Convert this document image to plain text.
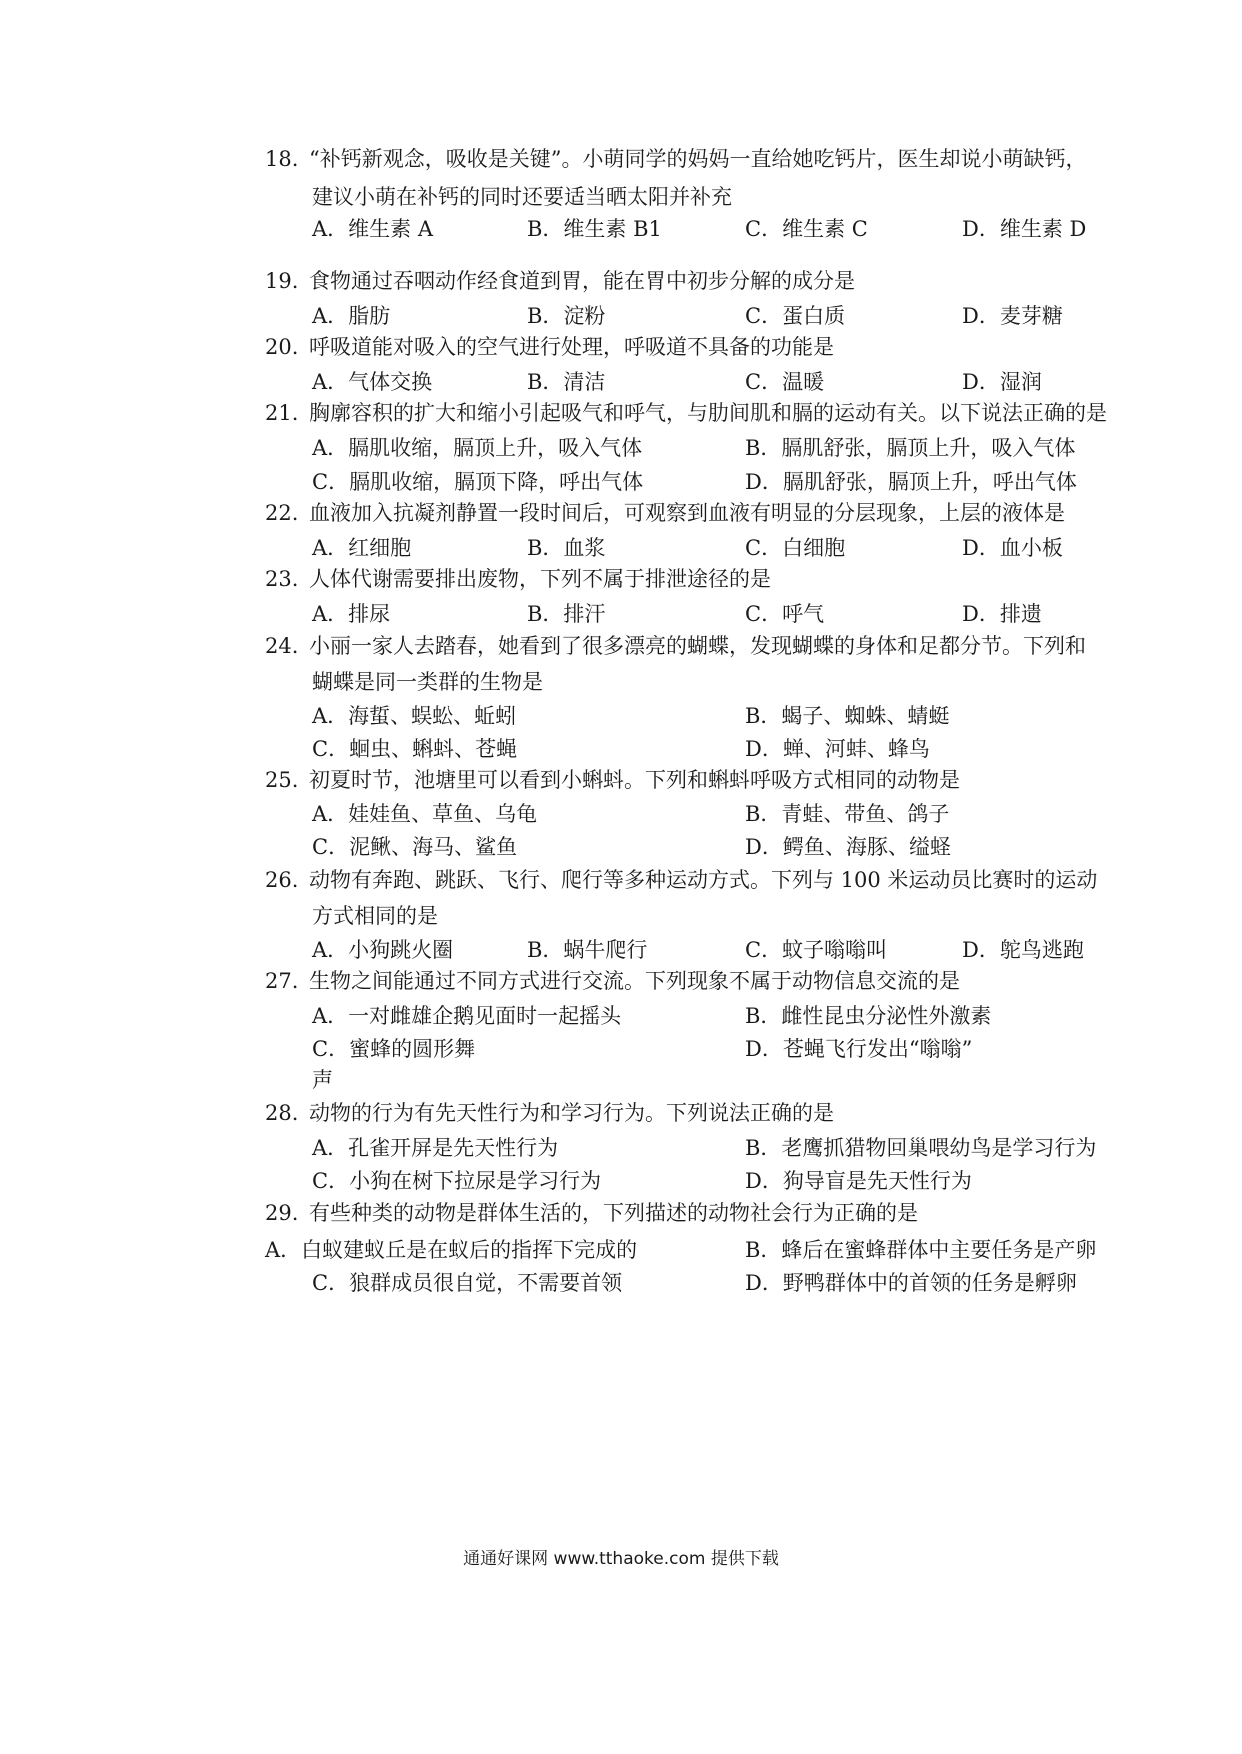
18. “补钙新观念，吸收是关键”。小萌同学的妈妈一直给她吃钙片，医生却说小萌缺钙，
建议小萌在补钙的同时还要适当晒太阳并补充
A．维生素 A	B．维生素 B1	C．维生素 C	D．维生素 D
19. 食物通过吞咽动作经食道到胃，能在胃中初步分解的成分是
A．脂肪	B．淀粉	C．蛋白质	D．麦芽糖
20. 呼吸道能对吸入的空气进行处理，呼吸道不具备的功能是
A．气体交换	B．清洁	C．温暖	D．湿润
21. 胸廓容积的扩大和缩小引起吸气和呼气，与肋间肌和膈的运动有关。以下说法正确的是
A．膈肌收缩，膈顶上升，吸入气体	B．膈肌舒张，膈顶上升，吸入气体
C．膈肌收缩，膈顶下降，呼出气体	D．膈肌舒张，膈顶上升，呼出气体
22. 血液加入抗凝剂静置一段时间后，可观察到血液有明显的分层现象，上层的液体是
A．红细胞	B．血浆	C．白细胞	D．血小板
23. 人体代谢需要排出废物，下列不属于排泄途径的是
A．排尿	B．排汗	C．呼气	D．排遗
24. 小丽一家人去踏春，她看到了很多漂亮的蝴蝶，发现蝴蝶的身体和足都分节。下列和
蝴蝶是同一类群的生物是
A．海蜇、蜈蚣、蚯蚓	B．蝎子、蜘蛛、蜻蜓
C．蛔虫、蝌蚪、苍蝇	D．蝉、河蚌、蜂鸟
25. 初夏时节，池塘里可以看到小蝌蚪。下列和蝌蚪呼吸方式相同的动物是
A．娃娃鱼、草鱼、乌龟	B．青蛙、带鱼、鸽子
C．泥鳅、海马、鲨鱼	D．鳄鱼、海豚、缢蛏
26. 动物有奔跑、跳跃、飞行、爬行等多种运动方式。下列与 100 米运动员比赛时的运动
方式相同的是
A．小狗跳火圈	B．蜗牛爬行	C．蚊子嗡嗡叫	D．鸵鸟逃跑
27. 生物之间能通过不同方式进行交流。下列现象不属于动物信息交流的是
A．一对雌雄企鹅见面时一起摇头	B．雌性昆虫分泌性外激素
C．蜜蜂的圆形舞	D．苍蝇飞行发出“嗡嗡”
声
28. 动物的行为有先天性行为和学习行为。下列说法正确的是
A．孔雀开屏是先天性行为	B．老鹰抓猎物回巢喂幼鸟是学习行为
C．小狗在树下拉尿是学习行为	D．狗导盲是先天性行为
29. 有些种类的动物是群体生活的，下列描述的动物社会行为正确的是
A．白蚁建蚁丘是在蚁后的指挥下完成的	B．蜂后在蜜蜂群体中主要任务是产卵
C．狼群成员很自觉，不需要首领	D．野鸭群体中的首领的任务是孵卵
通通好课网 www.tthaoke.com 提供下载
